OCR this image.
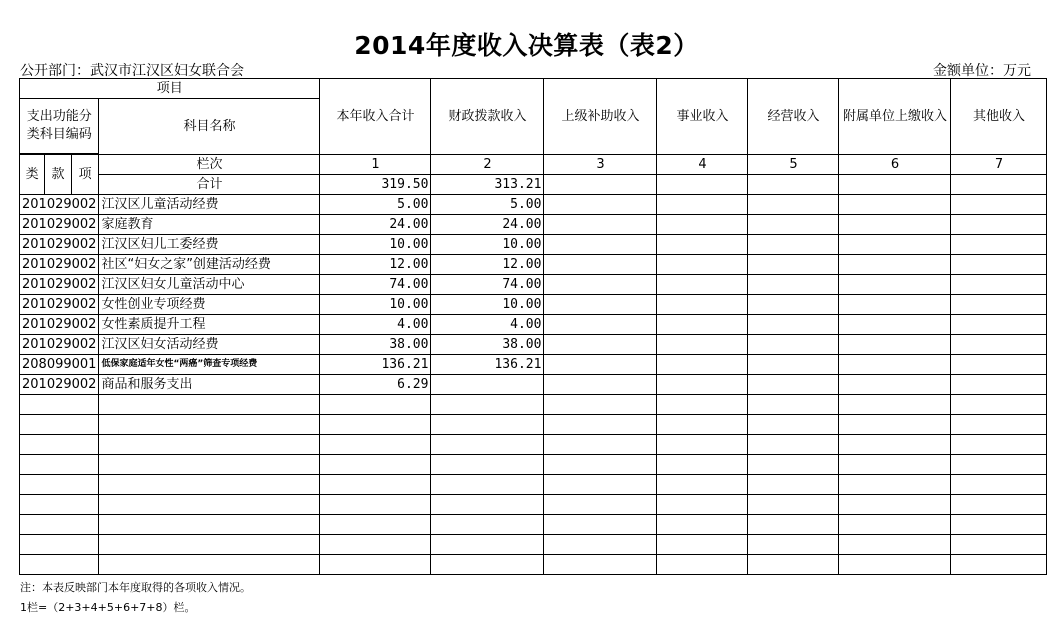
2014年度收入决算表（表2）
公开部门：武汉市江汉区妇女联合会	金额单位：万元
项目				本年收入合计	财政拨款收入	上级补助收入	事业收入	经营收入	附属单位上缴收入	其他收入
支出功能分类科目编码			科目名称							

类	款	项	栏次	1	2	3	4	5	6	7
			合计	319.50	313.21					
201029002			江汉区儿童活动经费	5.00	5.00					
201029002			家庭教育	24.00	24.00					
201029002			江汉区妇儿工委经费	10.00	10.00					
201029002			社区“妇女之家”创建活动经费	12.00	12.00					
201029002			江汉区妇女儿童活动中心	74.00	74.00					
201029002			女性创业专项经费	10.00	10.00					
201029002			女性素质提升工程	4.00	4.00					
201029002			江汉区妇女活动经费	38.00	38.00					
208099001			低保家庭适年女性“两癌”筛查专项经费	136.21	136.21					
201029002			商品和服务支出	6.29						

注：本表反映部门本年度取得的各项收入情况。
1栏=（2+3+4+5+6+7+8）栏。
